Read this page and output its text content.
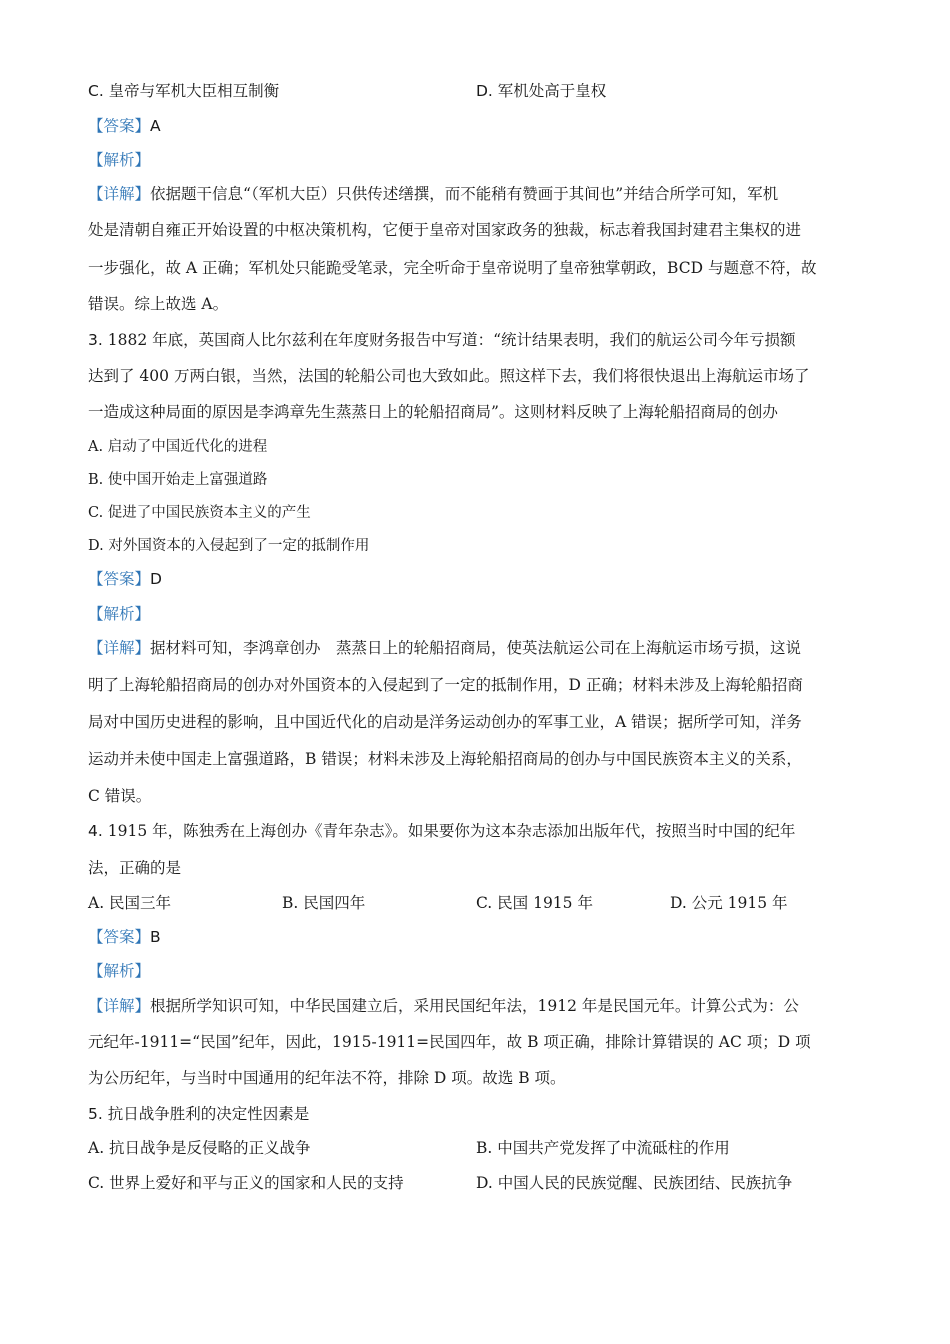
C. 皇帝与军机大臣相互制衡	D. 军机处高于皇权
【答案】A
【解析】
【详解】依据题干信息“（军机大臣）只供传述缮撰，而不能稍有赞画于其间也”并结合所学可知，军机
处是清朝自雍正开始设置的中枢决策机构，它便于皇帝对国家政务的独裁，标志着我国封建君主集权的进
一步强化，故 A 正确；军机处只能跪受笔录，完全听命于皇帝说明了皇帝独掌朝政，BCD 与题意不符，故
错误。综上故选 A。
3. 1882 年底，英国商人比尔兹利在年度财务报告中写道：“统计结果表明，我们的航运公司今年亏损额
达到了 400 万两白银，当然，法国的轮船公司也大致如此。照这样下去，我们将很快退出上海航运市场了
一造成这种局面的原因是李鸿章先生蒸蒸日上的轮船招商局”。这则材料反映了上海轮船招商局的创办
A. 启动了中国近代化的进程
B. 使中国开始走上富强道路
C. 促进了中国民族资本主义的产生
D. 对外国资本的入侵起到了一定的抵制作用
【答案】D
【解析】
【详解】据材料可知，李鸿章创办　蒸蒸日上的轮船招商局，使英法航运公司在上海航运市场亏损，这说
明了上海轮船招商局的创办对外国资本的入侵起到了一定的抵制作用，D 正确；材料未涉及上海轮船招商
局对中国历史进程的影响，且中国近代化的启动是洋务运动创办的军事工业，A 错误；据所学可知，洋务
运动并未使中国走上富强道路，B 错误；材料未涉及上海轮船招商局的创办与中国民族资本主义的关系，
C 错误。
4. 1915 年，陈独秀在上海创办《青年杂志》。如果要你为这本杂志添加出版年代，按照当时中国的纪年
法，正确的是
A. 民国三年	B. 民国四年	C. 民国 1915 年	D. 公元 1915 年
【答案】B
【解析】
【详解】根据所学知识可知，中华民国建立后，采用民国纪年法，1912 年是民国元年。计算公式为：公
元纪年-1911=“民国”纪年，因此，1915-1911=民国四年，故 B 项正确，排除计算错误的 AC 项；D 项
为公历纪年，与当时中国通用的纪年法不符，排除 D 项。故选 B 项。
5. 抗日战争胜利的决定性因素是
A. 抗日战争是反侵略的正义战争	B. 中国共产党发挥了中流砥柱的作用
C. 世界上爱好和平与正义的国家和人民的支持	D. 中国人民的民族觉醒、民族团结、民族抗争
